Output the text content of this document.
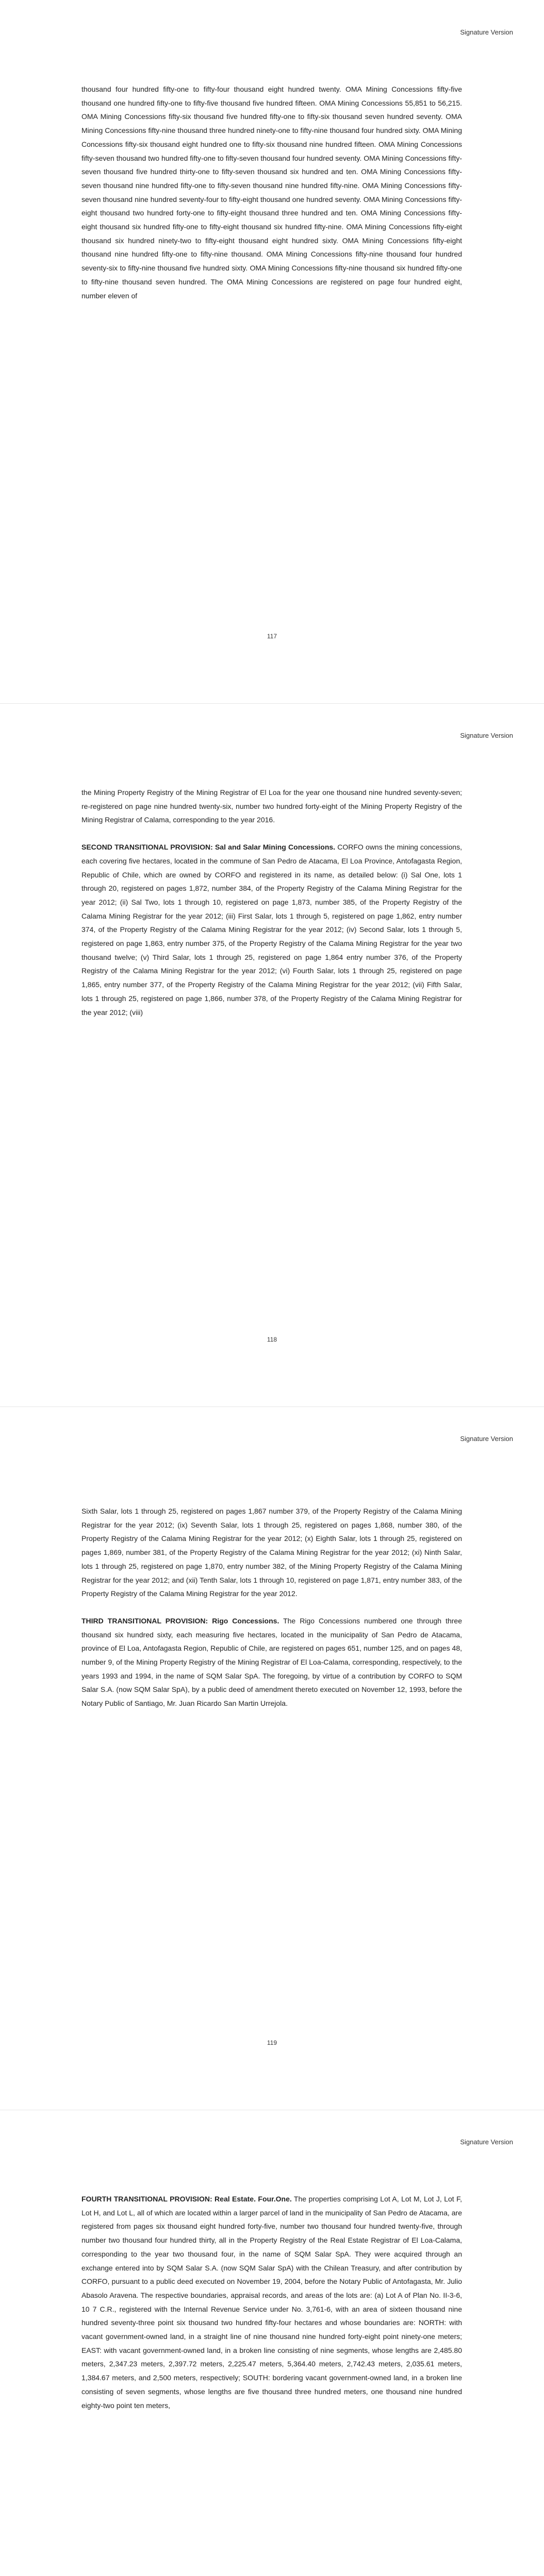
Signature Version

thousand four hundred fifty-one to fifty-four thousand eight hundred twenty. OMA Mining Concessions fifty-five thousand one hundred fifty-one to fifty-five thousand five hundred fifteen. OMA Mining Concessions 55,851 to 56,215. OMA Mining Concessions fifty-six thousand five hundred fifty-one to fifty-six thousand seven hundred seventy. OMA Mining Concessions fifty-nine thousand three hundred ninety-one to fifty-nine thousand four hundred sixty. OMA Mining Concessions fifty-six thousand eight hundred one to fifty-six thousand nine hundred fifteen. OMA Mining Concessions fifty-seven thousand two hundred fifty-one to fifty-seven thousand four hundred seventy. OMA Mining Concessions fifty-seven thousand five hundred thirty-one to fifty-seven thousand six hundred and ten. OMA Mining Concessions fifty-seven thousand nine hundred fifty-one to fifty-seven thousand nine hundred fifty-nine. OMA Mining Concessions fifty-seven thousand nine hundred seventy-four to fifty-eight thousand one hundred seventy. OMA Mining Concessions fifty-eight thousand two hundred forty-one to fifty-eight thousand three hundred and ten. OMA Mining Concessions fifty-eight thousand six hundred fifty-one to fifty-eight thousand six hundred fifty-nine. OMA Mining Concessions fifty-eight thousand six hundred ninety-two to fifty-eight thousand eight hundred sixty. OMA Mining Concessions fifty-eight thousand nine hundred fifty-one to fifty-nine thousand. OMA Mining Concessions fifty-nine thousand four hundred seventy-six to fifty-nine thousand five hundred sixty. OMA Mining Concessions fifty-nine thousand six hundred fifty-one to fifty-nine thousand seven hundred. The OMA Mining Concessions are registered on page four hundred eight, number eleven of

117
Signature Version

the Mining Property Registry of the Mining Registrar of El Loa for the year one thousand nine hundred seventy-seven; re-registered on page nine hundred twenty-six, number two hundred forty-eight of the Mining Property Registry of the Mining Registrar of Calama, corresponding to the year 2016.

SECOND TRANSITIONAL PROVISION: Sal and Salar Mining Concessions. CORFO owns the mining concessions, each covering five hectares, located in the commune of San Pedro de Atacama, El Loa Province, Antofagasta Region, Republic of Chile, which are owned by CORFO and registered in its name, as detailed below: (i) Sal One, lots 1 through 20, registered on pages 1,872, number 384, of the Property Registry of the Calama Mining Registrar for the year 2012; (ii) Sal Two, lots 1 through 10, registered on page 1,873, number 385, of the Property Registry of the Calama Mining Registrar for the year 2012; (iii) First Salar, lots 1 through 5, registered on page 1,862, entry number 374, of the Property Registry of the Calama Mining Registrar for the year 2012; (iv) Second Salar, lots 1 through 5, registered on page 1,863, entry number 375, of the Property Registry of the Calama Mining Registrar for the year two thousand twelve; (v) Third Salar, lots 1 through 25, registered on page 1,864 entry number 376, of the Property Registry of the Calama Mining Registrar for the year 2012; (vi) Fourth Salar, lots 1 through 25, registered on page 1,865, entry number 377, of the Property Registry of the Calama Mining Registrar for the year 2012; (vii) Fifth Salar, lots 1 through 25, registered on page 1,866, number 378, of the Property Registry of the Calama Mining Registrar for the year 2012; (viii)

118
Signature Version

Sixth Salar, lots 1 through 25, registered on pages 1,867 number 379, of the Property Registry of the Calama Mining Registrar for the year 2012; (ix) Seventh Salar, lots 1 through 25, registered on pages 1,868, number 380, of the Property Registry of the Calama Mining Registrar for the year 2012; (x) Eighth Salar, lots 1 through 25, registered on pages 1,869, number 381, of the Property Registry of the Calama Mining Registrar for the year 2012; (xi) Ninth Salar, lots 1 through 25, registered on page 1,870, entry number 382, of the Mining Property Registry of the Calama Mining Registrar for the year 2012; and (xii) Tenth Salar, lots 1 through 10, registered on page 1,871, entry number 383, of the Property Registry of the Calama Mining Registrar for the year 2012.

THIRD TRANSITIONAL PROVISION: Rigo Concessions. The Rigo Concessions numbered one through three thousand six hundred sixty, each measuring five hectares, located in the municipality of San Pedro de Atacama, province of El Loa, Antofagasta Region, Republic of Chile, are registered on pages 651, number 125, and on pages 48, number 9, of the Mining Property Registry of the Mining Registrar of El Loa-Calama, corresponding, respectively, to the years 1993 and 1994, in the name of SQM Salar SpA. The foregoing, by virtue of a contribution by CORFO to SQM Salar S.A. (now SQM Salar SpA), by a public deed of amendment thereto executed on November 12, 1993, before the Notary Public of Santiago, Mr. Juan Ricardo San Martin Urrejola.

119
Signature Version

FOURTH TRANSITIONAL PROVISION: Real Estate. Four.One. The properties comprising Lot A, Lot M, Lot J, Lot F, Lot H, and Lot L, all of which are located within a larger parcel of land in the municipality of San Pedro de Atacama, are registered from pages six thousand eight hundred forty-five, number two thousand four hundred twenty-five, through number two thousand four hundred thirty, all in the Property Registry of the Real Estate Registrar of El Loa-Calama, corresponding to the year two thousand four, in the name of SQM Salar SpA. They were acquired through an exchange entered into by SQM Salar S.A. (now SQM Salar SpA) with the Chilean Treasury, and after contribution by CORFO, pursuant to a public deed executed on November 19, 2004, before the Notary Public of Antofagasta, Mr. Julio Abasolo Aravena. The respective boundaries, appraisal records, and areas of the lots are: (a) Lot A of Plan No. II-3-6, 10 7 C.R., registered with the Internal Revenue Service under No. 3,761-6, with an area of sixteen thousand nine hundred seventy-three point six thousand two hundred fifty-four hectares and whose boundaries are: NORTH: with vacant government-owned land, in a straight line of nine thousand nine hundred forty-eight point ninety-one meters; EAST: with vacant government-owned land, in a broken line consisting of nine segments, whose lengths are 2,485.80 meters, 2,347.23 meters, 2,397.72 meters, 2,225.47 meters, 5,364.40 meters, 2,742.43 meters, 2,035.61 meters, 1,384.67 meters, and 2,500 meters, respectively; SOUTH: bordering vacant government-owned land, in a broken line consisting of seven segments, whose lengths are five thousand three hundred meters, one thousand nine hundred eighty-two point ten meters,
